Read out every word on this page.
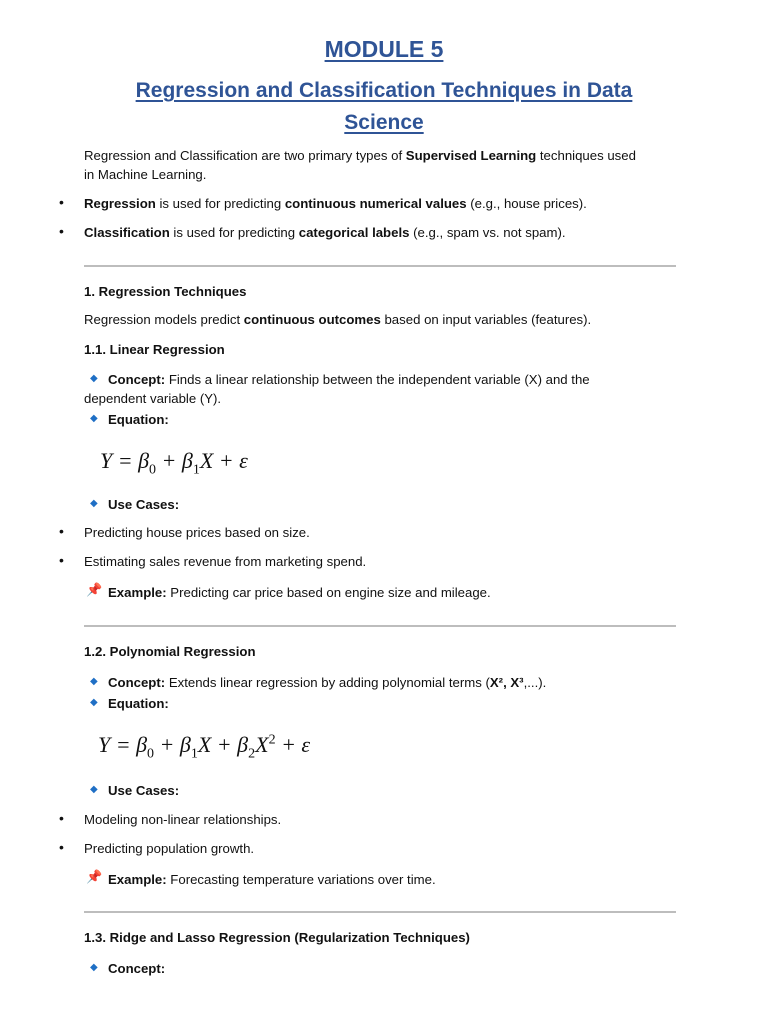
MODULE 5
Regression and Classification Techniques in Data
Science
Regression and Classification are two primary types of Supervised Learning techniques used
in Machine Learning.
•
Regression is used for predicting continuous numerical values (e.g., house prices).
•
Classification is used for predicting categorical labels (e.g., spam vs. not spam).
1. Regression Techniques
Regression models predict continuous outcomes based on input variables (features).
1.1. Linear Regression
◆ Concept: Finds a linear relationship between the independent variable (X) and the
dependent variable (Y).
◆ Equation:
$Y = \beta_0 + \beta_1X + \varepsilon$
◆ Use Cases:
•
Predicting house prices based on size.
•
Estimating sales revenue from marketing spend.
📌 Example: Predicting car price based on engine size and mileage.
1.2. Polynomial Regression
◆ Concept: Extends linear regression by adding polynomial terms (X², X³,...).
◆ Equation:
$Y = \beta_0 + \beta_1X + \beta_2X^2 + \varepsilon$
◆ Use Cases:
•
Modeling non-linear relationships.
•
Predicting population growth.
📌 Example: Forecasting temperature variations over time.
1.3. Ridge and Lasso Regression (Regularization Techniques)
◆ Concept:
